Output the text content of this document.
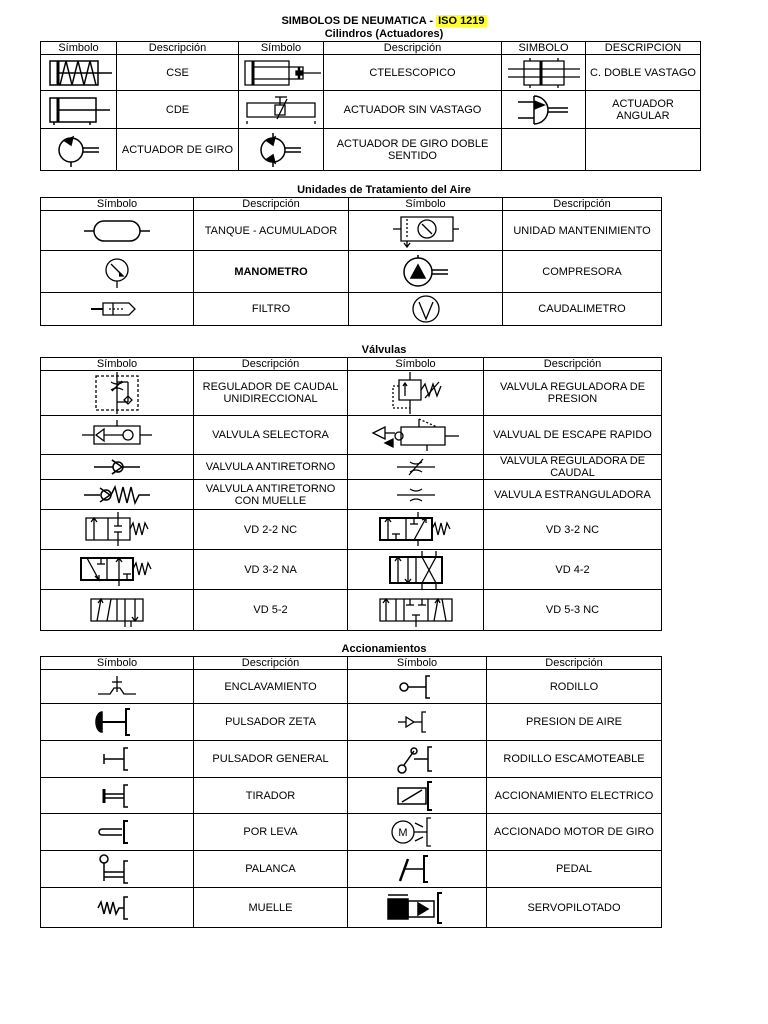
SIMBOLOS DE NEUMATICA - ISO 1219
Cilindros (Actuadores)
Símbolo	Descripción	Símbolo	Descripción	SIMBOLO	DESCRIPCION

	CSE		CTELESCOPICO		C. DOBLE VASTAGO

	CDE		ACTUADOR SIN VASTAGO		ACTUADOR ANGULAR

	ACTUADOR DE GIRO		ACTUADOR DE GIRO DOBLE SENTIDO		
Unidades de Tratamiento del Aire
Símbolo	Descripción	Símbolo	Descripción

	TANQUE - ACUMULADOR		UNIDAD MANTENIMIENTO

	MANOMETRO		COMPRESORA

	FILTRO		CAUDALIMETRO
Válvulas
Símbolo	Descripción	Símbolo	Descripción

	REGULADOR DE CAUDAL UNIDIRECCIONAL		VALVULA REGULADORA DE PRESION

	VALVULA SELECTORA		VALVUAL DE ESCAPE RAPIDO

	VALVULA ANTIRETORNO		VALVULA REGULADORA DE CAUDAL

	VALVULA ANTIRETORNO CON MUELLE		VALVULA ESTRANGULADORA

	VD 2-2 NC		VD 3-2 NC

	VD 3-2 NA		VD 4-2

	VD 5-2		VD 5-3 NC
Accionamientos
Símbolo	Descripción	Símbolo	Descripción

	ENCLAVAMIENTO		RODILLO

	PULSADOR ZETA		PRESION DE AIRE

	PULSADOR GENERAL		RODILLO ESCAMOTEABLE

	TIRADOR		ACCIONAMIENTO ELECTRICO

	POR LEVA	M	ACCIONADO MOTOR DE GIRO

	PALANCA		PEDAL

	MUELLE		SERVOPILOTADO
